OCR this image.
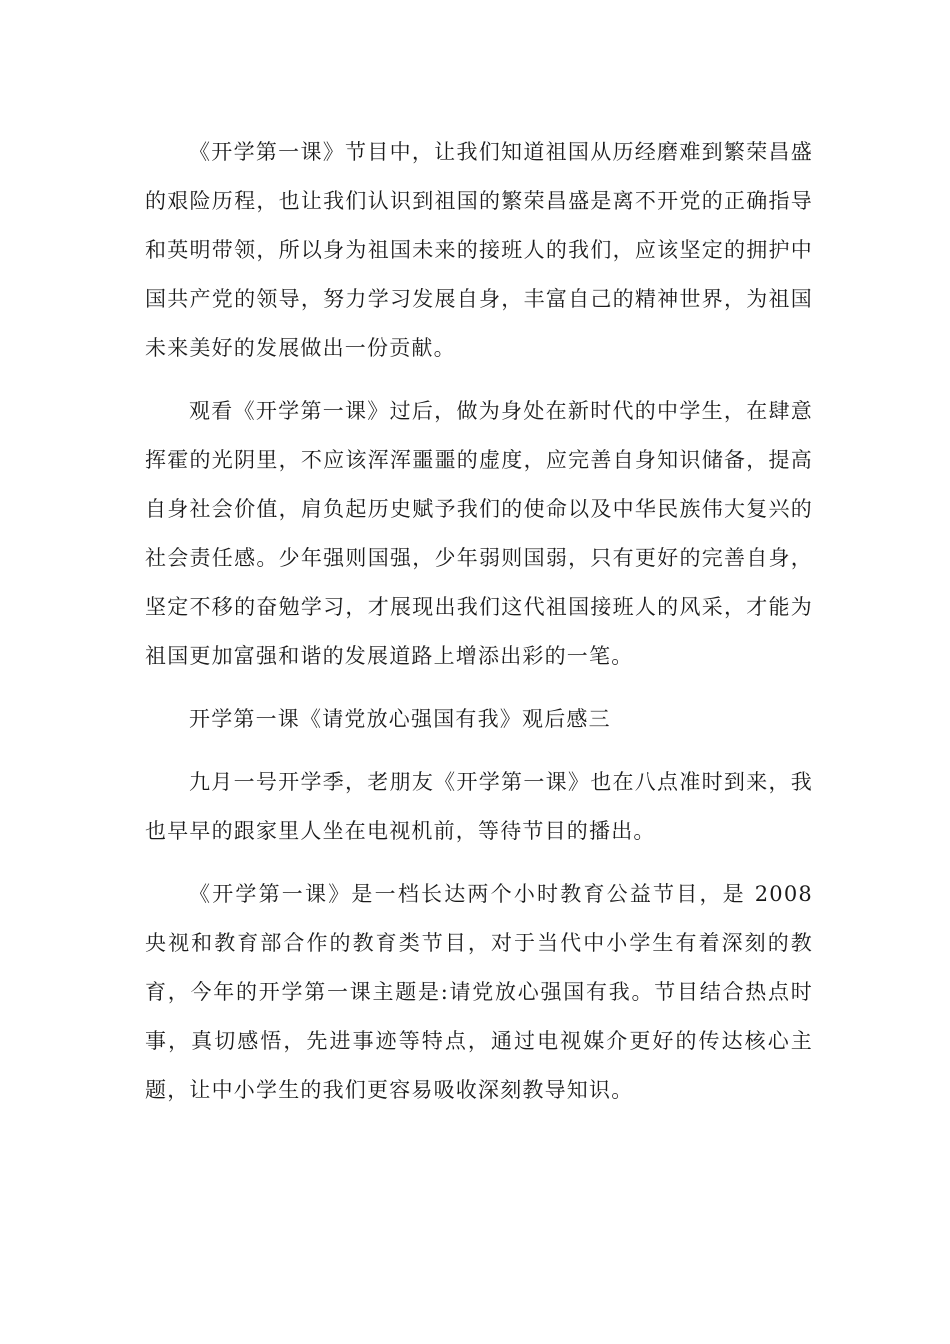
《开学第一课》节目中，让我们知道祖国从历经磨难到繁荣昌盛的艰险历程，也让我们认识到祖国的繁荣昌盛是离不开党的正确指导和英明带领，所以身为祖国未来的接班人的我们，应该坚定的拥护中国共产党的领导，努力学习发展自身，丰富自己的精神世界，为祖国未来美好的发展做出一份贡献。

观看《开学第一课》过后，做为身处在新时代的中学生，在肆意挥霍的光阴里，不应该浑浑噩噩的虚度，应完善自身知识储备，提高自身社会价值，肩负起历史赋予我们的使命以及中华民族伟大复兴的社会责任感。少年强则国强，少年弱则国弱，只有更好的完善自身，坚定不移的奋勉学习，才展现出我们这代祖国接班人的风采，才能为祖国更加富强和谐的发展道路上增添出彩的一笔。

开学第一课《请党放心强国有我》观后感三

九月一号开学季，老朋友《开学第一课》也在八点准时到来，我也早早的跟家里人坐在电视机前，等待节目的播出。

《开学第一课》是一档长达两个小时教育公益节目，是 2008 央视和教育部合作的教育类节目，对于当代中小学生有着深刻的教育，今年的开学第一课主题是:请党放心强国有我。节目结合热点时事，真切感悟，先进事迹等特点，通过电视媒介更好的传达核心主题，让中小学生的我们更容易吸收深刻教导知识。
